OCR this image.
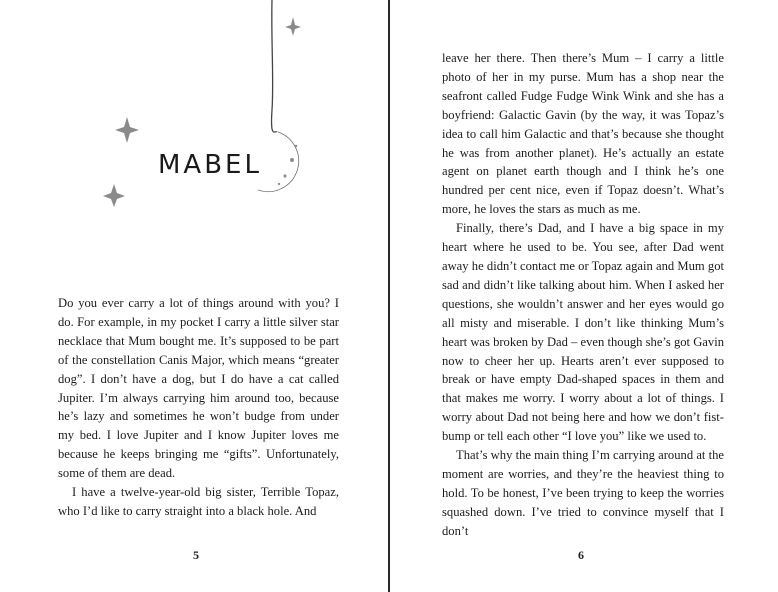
MABEL

Do you ever carry a lot of things around with you? I do. For example, in my pocket I carry a little silver star necklace that Mum bought me. It’s supposed to be part of the constellation Canis Major, which means “greater dog”. I don’t have a dog, but I do have a cat called Jupiter. I’m always carrying him around too, because he’s lazy and sometimes he won’t budge from under my bed. I love Jupiter and I know Jupiter loves me because he keeps bringing me “gifts”. Unfortunately, some of them are dead.

I have a twelve-year-old big sister, Terrible Topaz, who I’d like to carry straight into a black hole. And

5

leave her there. Then there’s Mum – I carry a little photo of her in my purse. Mum has a shop near the seafront called Fudge Fudge Wink Wink and she has a boyfriend: Galactic Gavin (by the way, it was Topaz’s idea to call him Galactic and that’s because she thought he was from another planet). He’s actually an estate agent on planet earth though and I think he’s one hundred per cent nice, even if Topaz doesn’t. What’s more, he loves the stars as much as me.

Finally, there’s Dad, and I have a big space in my heart where he used to be. You see, after Dad went away he didn’t contact me or Topaz again and Mum got sad and didn’t like talking about him. When I asked her questions, she wouldn’t answer and her eyes would go all misty and miserable. I don’t like thinking Mum’s heart was broken by Dad – even though she’s got Gavin now to cheer her up. Hearts aren’t ever supposed to break or have empty Dad-shaped spaces in them and that makes me worry. I worry about a lot of things. I worry about Dad not being here and how we don’t fist-bump or tell each other “I love you” like we used to.

That’s why the main thing I’m carrying around at the moment are worries, and they’re the heaviest thing to hold. To be honest, I’ve been trying to keep the worries squashed down. I’ve tried to convince myself that I don’t

6
